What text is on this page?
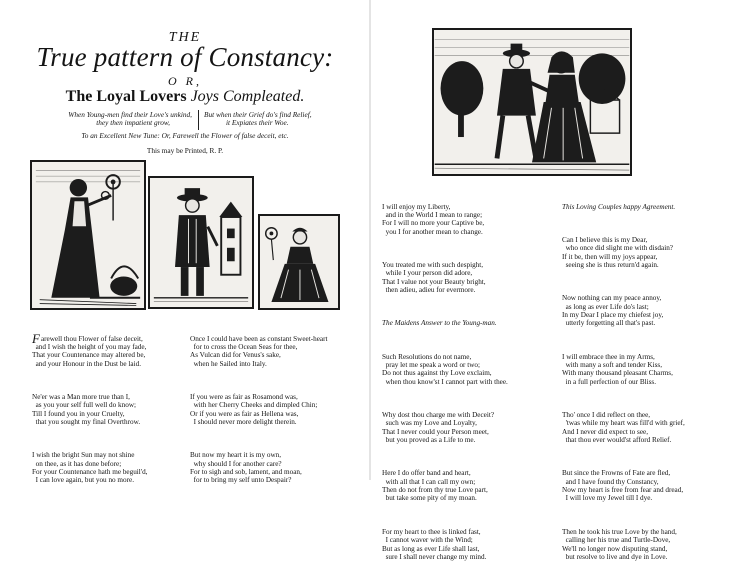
THE
True pattern of Constancy:
O R,
The Loyal Lovers Joys Compleated.
When Young-men find their Love's unkind,
they then impatient grow,
But when their Grief do's find Relief,
it Expiates their Woe.
To an Excellent New Tune: Or, Farewell the Flower of false deceit, etc.
This may be Printed, R. P.

F arewell thou Flower of false deceit,
and I wish the height of you may fade,
That your Countenance may altered be,
and your Honour in the Dust be laid.

Ne'er was a Man more true than I,
as you your self full well do know;
Till I found you in your Cruelty,
that you sought my final Overthrow.

I wish the bright Sun may not shine
on thee, as it has done before;
For your Countenance hath me beguil'd,
I can love again, but you no more.

Once I could have been as constant Sweet-heart
for to cross the Ocean Seas for thee,
As Vulcan did for Venus's sake,
when he Sailed into Italy.

If you were as fair as Rosamond was,
with her Cherry Cheeks and dimpled Chin;
Or if you were as fair as Hellena was,
I should never more delight therein.

But now my heart it is my own,
why should I for another care?
For to sigh and sob, lament, and moan,
for to bring my self unto Despair?

I will enjoy my Liberty,
and in the World I mean to range;
For I will no more your Captive be,
you I for another mean to change.

You treated me with such despight,
while I your person did adore,
That I value not your Beauty bright,
then adieu, adieu for evermore.

The Maidens Answer to the Young-man.

Such Resolutions do not name,
pray let me speak a word or two;
Do not thus against thy Love exclaim,
when thou know'st I cannot part with thee.

Why dost thou charge me with Deceit?
such was my Love and Loyalty,
That I never could your Person meet,
but you proved as a Life to me.

Here I do offer band and heart,
with all that I can call my own;
Then do not from thy true Love part,
but take some pity of my moan.

For my heart to thee is linked fast,
I cannot waver with the Wind;
But as long as ever Life shall last,
sure I shall never change my mind.

This Loving Couples happy Agreement.

Can I believe this is my Dear,
who once did slight me with disdain?
If it be, then will my joys appear,
seeing she is thus return'd again.

Now nothing can my peace annoy,
as long as ever Life do's last;
In my Dear I place my chiefest joy,
utterly forgetting all that's past.

I will embrace thee in my Arms,
with many a soft and tender Kiss,
With many thousand pleasant Charms,
in a full perfection of our Bliss.

Tho' once I did reflect on thee,
'twas while my heart was fill'd with grief,
And I never did expect to see,
that thou ever would'st afford Relief.

But since the Frowns of Fate are fled,
and I have found thy Constancy,
Now my heart is free from fear and dread,
I will love my Jewel till I dye.

Then he took his true Love by the hand,
calling her his true and Turtle-Dove,
We'll no longer now disputing stand,
but resolve to live and dye in Love.
